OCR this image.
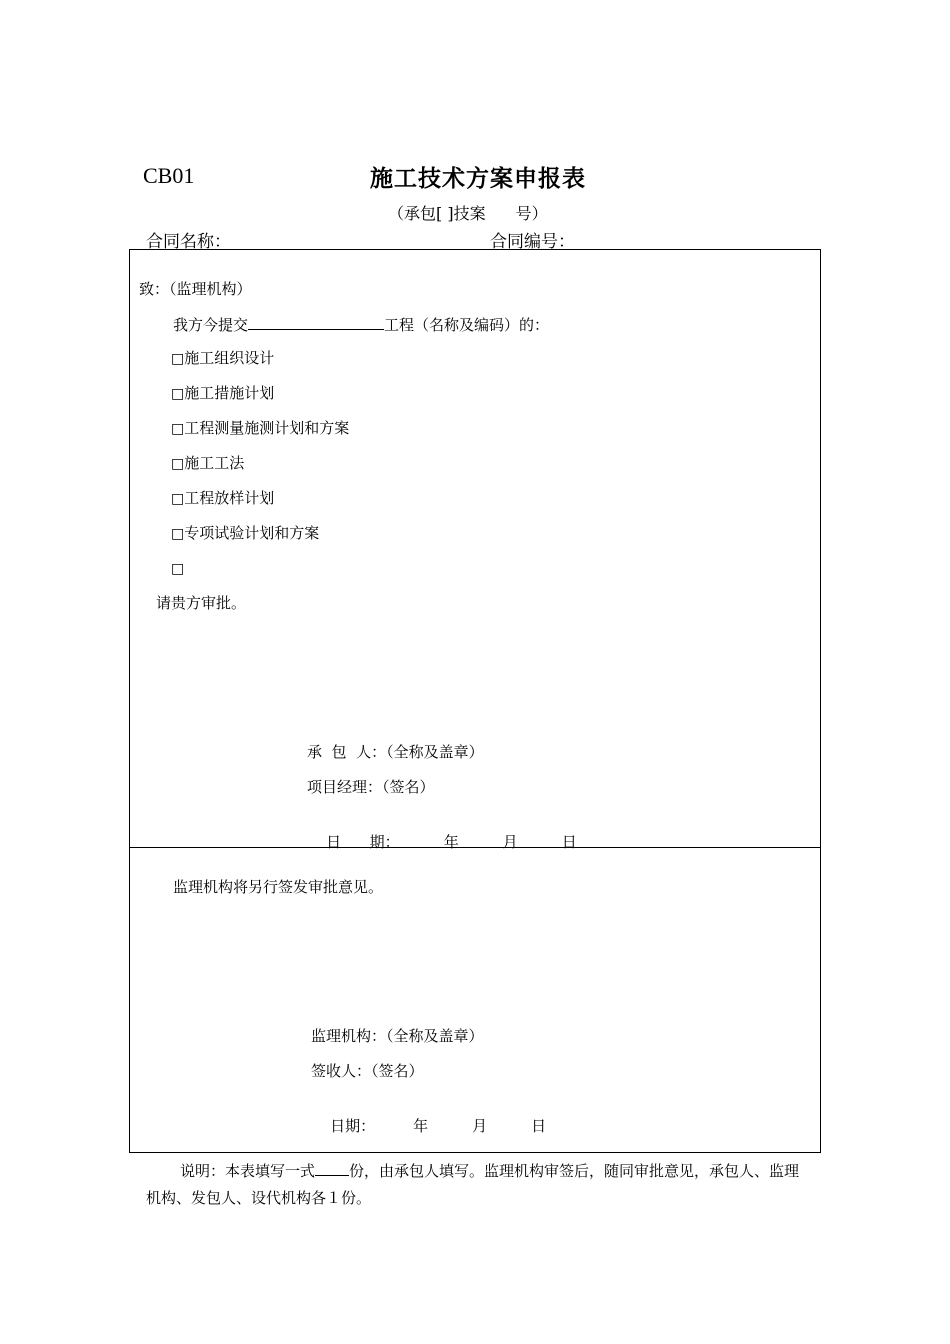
CB01	施工技术方案申报表
（承包[ ]技案 号）
合同名称：	合同编号：
致：（监理机构）
我方今提交	工程（名称及编码）的：
□施工组织设计
□施工措施计划
□工程测量施测计划和方案
□施工工法
□工程放样计划
□专项试验计划和方案
□
请贵方审批。
承  包  人：（全称及盖章）
项目经理：（签名）

日      期：	年	月	日

监理机构将另行签发审批意见。
监理机构：（全称及盖章）
签收人：（签名）

日期：	年	月	日

说明：本表填写一式 份，由承包人填写。监理机构审签后，随同审批意见，承包人、监理机构、发包人、设代机构各１份。
